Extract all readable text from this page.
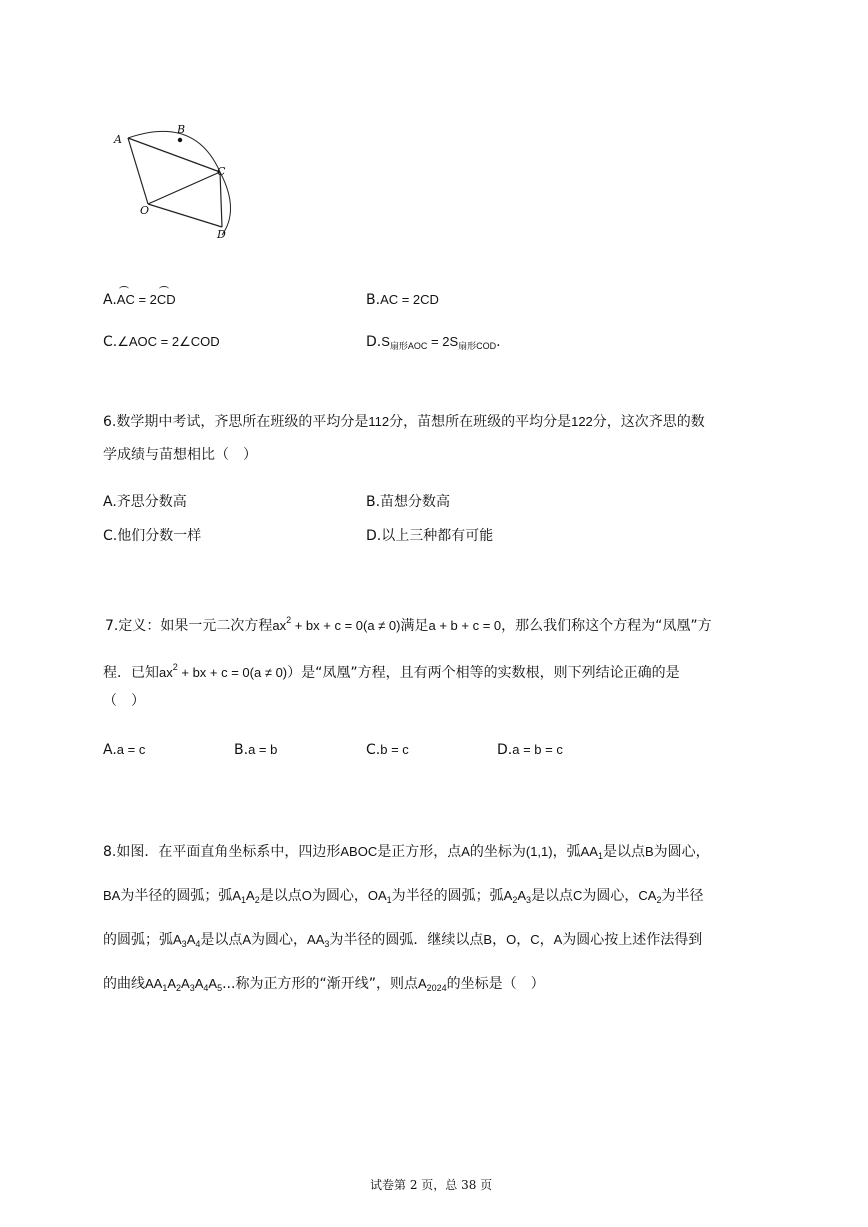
A
B
C
O
D
A.AC = 2CD	B.AC = 2CD
C.∠AOC = 2∠COD	$D.S_{扇形AOC} = 2S_{扇形COD}$.
6.数学期中考试，齐思所在班级的平均分是112分，苗想所在班级的平均分是122分，这次齐思的数
学成绩与苗想相比（　）
A.齐思分数高	B.苗想分数高
C.他们分数一样	D.以上三种都有可能
7.定义：如果一元二次方程$ax^2$ + bx + c = 0(a ≠ 0)满足a + b + c = 0，那么我们称这个方程为“凤凰”方
程．已知$ax^2$ + bx + c = 0(a ≠ 0)）是“凤凰”方程，且有两个相等的实数根，则下列结论正确的是
（　）
A.a = c	B.a = b	C.b = c	D.a = b = c
8.如图．在平面直角坐标系中，四边形ABOC是正方形，点A的坐标为(1,1)，弧$AA_1$是以点B为圆心，
BA为半径的圆弧；弧$A_1A_2$是以点O为圆心，$OA_1$为半径的圆弧；弧$A_2A_3$是以点C为圆心，$CA_2$为半径
的圆弧；弧$A_3A_4$是以点A为圆心，$AA_3$为半径的圆弧．继续以点B，O，C，A为圆心按上述作法得到
的曲线$AA_1A_2A_3A_4A_5$...称为正方形的“渐开线”，则点$A_{2024}$的坐标是（　）
试卷第 2 页，总 38 页
